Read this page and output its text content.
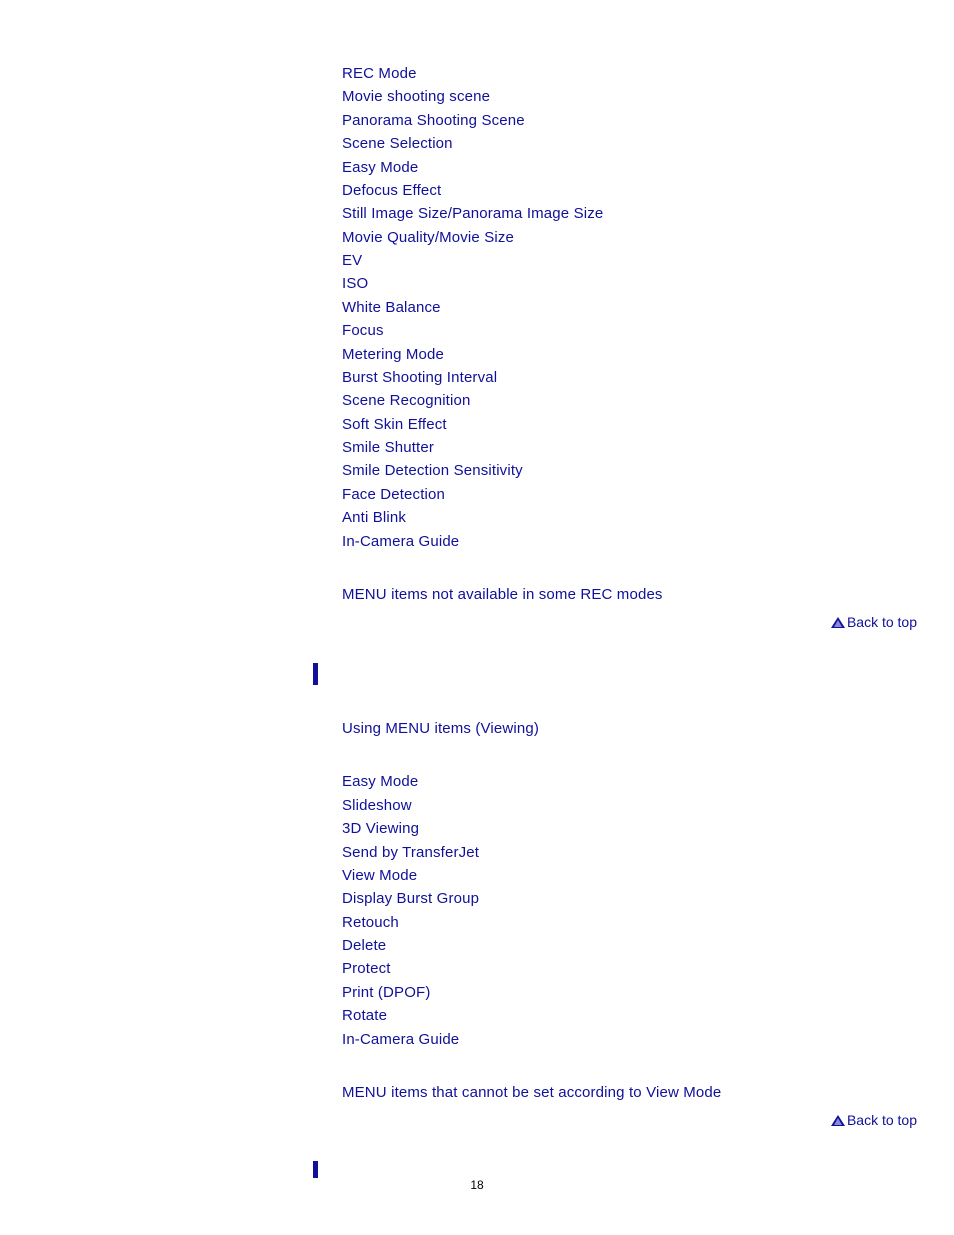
REC Mode
Movie shooting scene
Panorama Shooting Scene
Scene Selection
Easy Mode
Defocus Effect
Still Image Size/Panorama Image Size
Movie Quality/Movie Size
EV
ISO
White Balance
Focus
Metering Mode
Burst Shooting Interval
Scene Recognition
Soft Skin Effect
Smile Shutter
Smile Detection Sensitivity
Face Detection
Anti Blink
In-Camera Guide
MENU items not available in some REC modes
Back to top
Using MENU items (Viewing)
Easy Mode
Slideshow
3D Viewing
Send by TransferJet
View Mode
Display Burst Group
Retouch
Delete
Protect
Print (DPOF)
Rotate
In-Camera Guide
MENU items that cannot be set according to View Mode
Back to top
18
